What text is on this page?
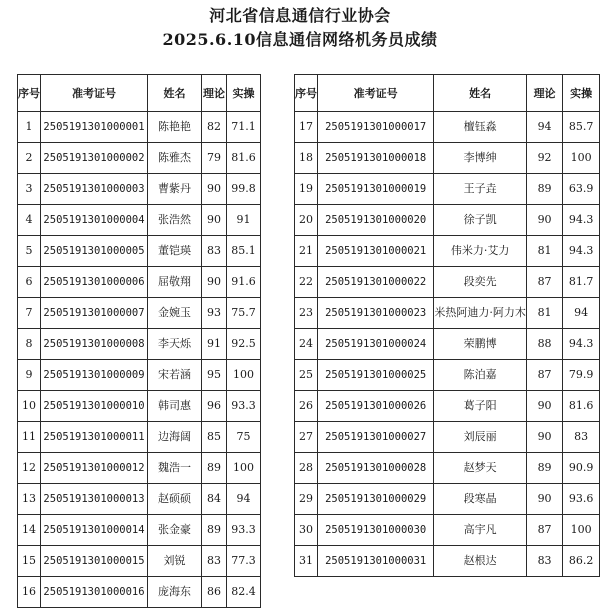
河北省信息通信行业协会
2025.6.10信息通信网络机务员成绩
序号	准考证号	姓名	理论	实操
1	2505191301000001	陈艳艳	82	71.1
2	2505191301000002	陈雅杰	79	81.6
3	2505191301000003	曹紫丹	90	99.8
4	2505191301000004	张浩然	90	91
5	2505191301000005	董铠瑛	83	85.1
6	2505191301000006	屈敬翔	90	91.6
7	2505191301000007	金婉玉	93	75.7
8	2505191301000008	李天烁	91	92.5
9	2505191301000009	宋若涵	95	100
10	2505191301000010	韩司惠	96	93.3
11	2505191301000011	边海阔	85	75
12	2505191301000012	魏浩一	89	100
13	2505191301000013	赵硕硕	84	94
14	2505191301000014	张金豪	89	93.3
15	2505191301000015	刘锐	83	77.3
16	2505191301000016	庞海东	86	82.4
序号	准考证号	姓名	理论	实操
17	2505191301000017	檀钰淼	94	85.7
18	2505191301000018	李博绅	92	100
19	2505191301000019	王子垚	89	63.9
20	2505191301000020	徐子凯	90	94.3
21	2505191301000021	伟米力·艾力	81	94.3
22	2505191301000022	段奕先	87	81.7
23	2505191301000023	米热阿迪力·阿力木	81	94
24	2505191301000024	荣鹏博	88	94.3
25	2505191301000025	陈泊嘉	87	79.9
26	2505191301000026	葛子阳	90	81.6
27	2505191301000027	刘辰丽	90	83
28	2505191301000028	赵梦天	89	90.9
29	2505191301000029	段寒晶	90	93.6
30	2505191301000030	高宇凡	87	100
31	2505191301000031	赵根达	83	86.2
